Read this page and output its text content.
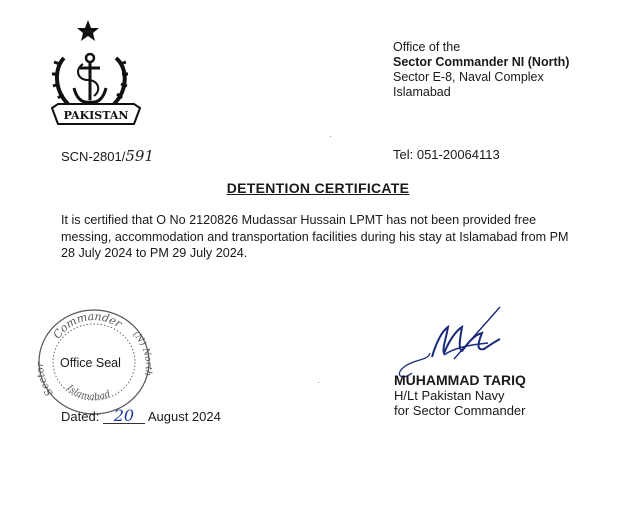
PAKISTAN
Office of the
Sector Commander NI (North)
Sector E-8, Naval Complex
Islamabad
SCN-2801/591	Tel: 051-20064113
DETENTION CERTIFICATE
It is certified that O No 2120826 Mudassar Hussain LPMT has not been provided free messing, accommodation and transportation facilities during his stay at Islamabad from PM 28 July 2024 to PM 29 July 2024.
Commander
Sector
(N) North
Islamabad
Office Seal
Dated: 20 August 2024
MUHAMMAD TARIQ
H/Lt Pakistan Navy
for Sector Commander
